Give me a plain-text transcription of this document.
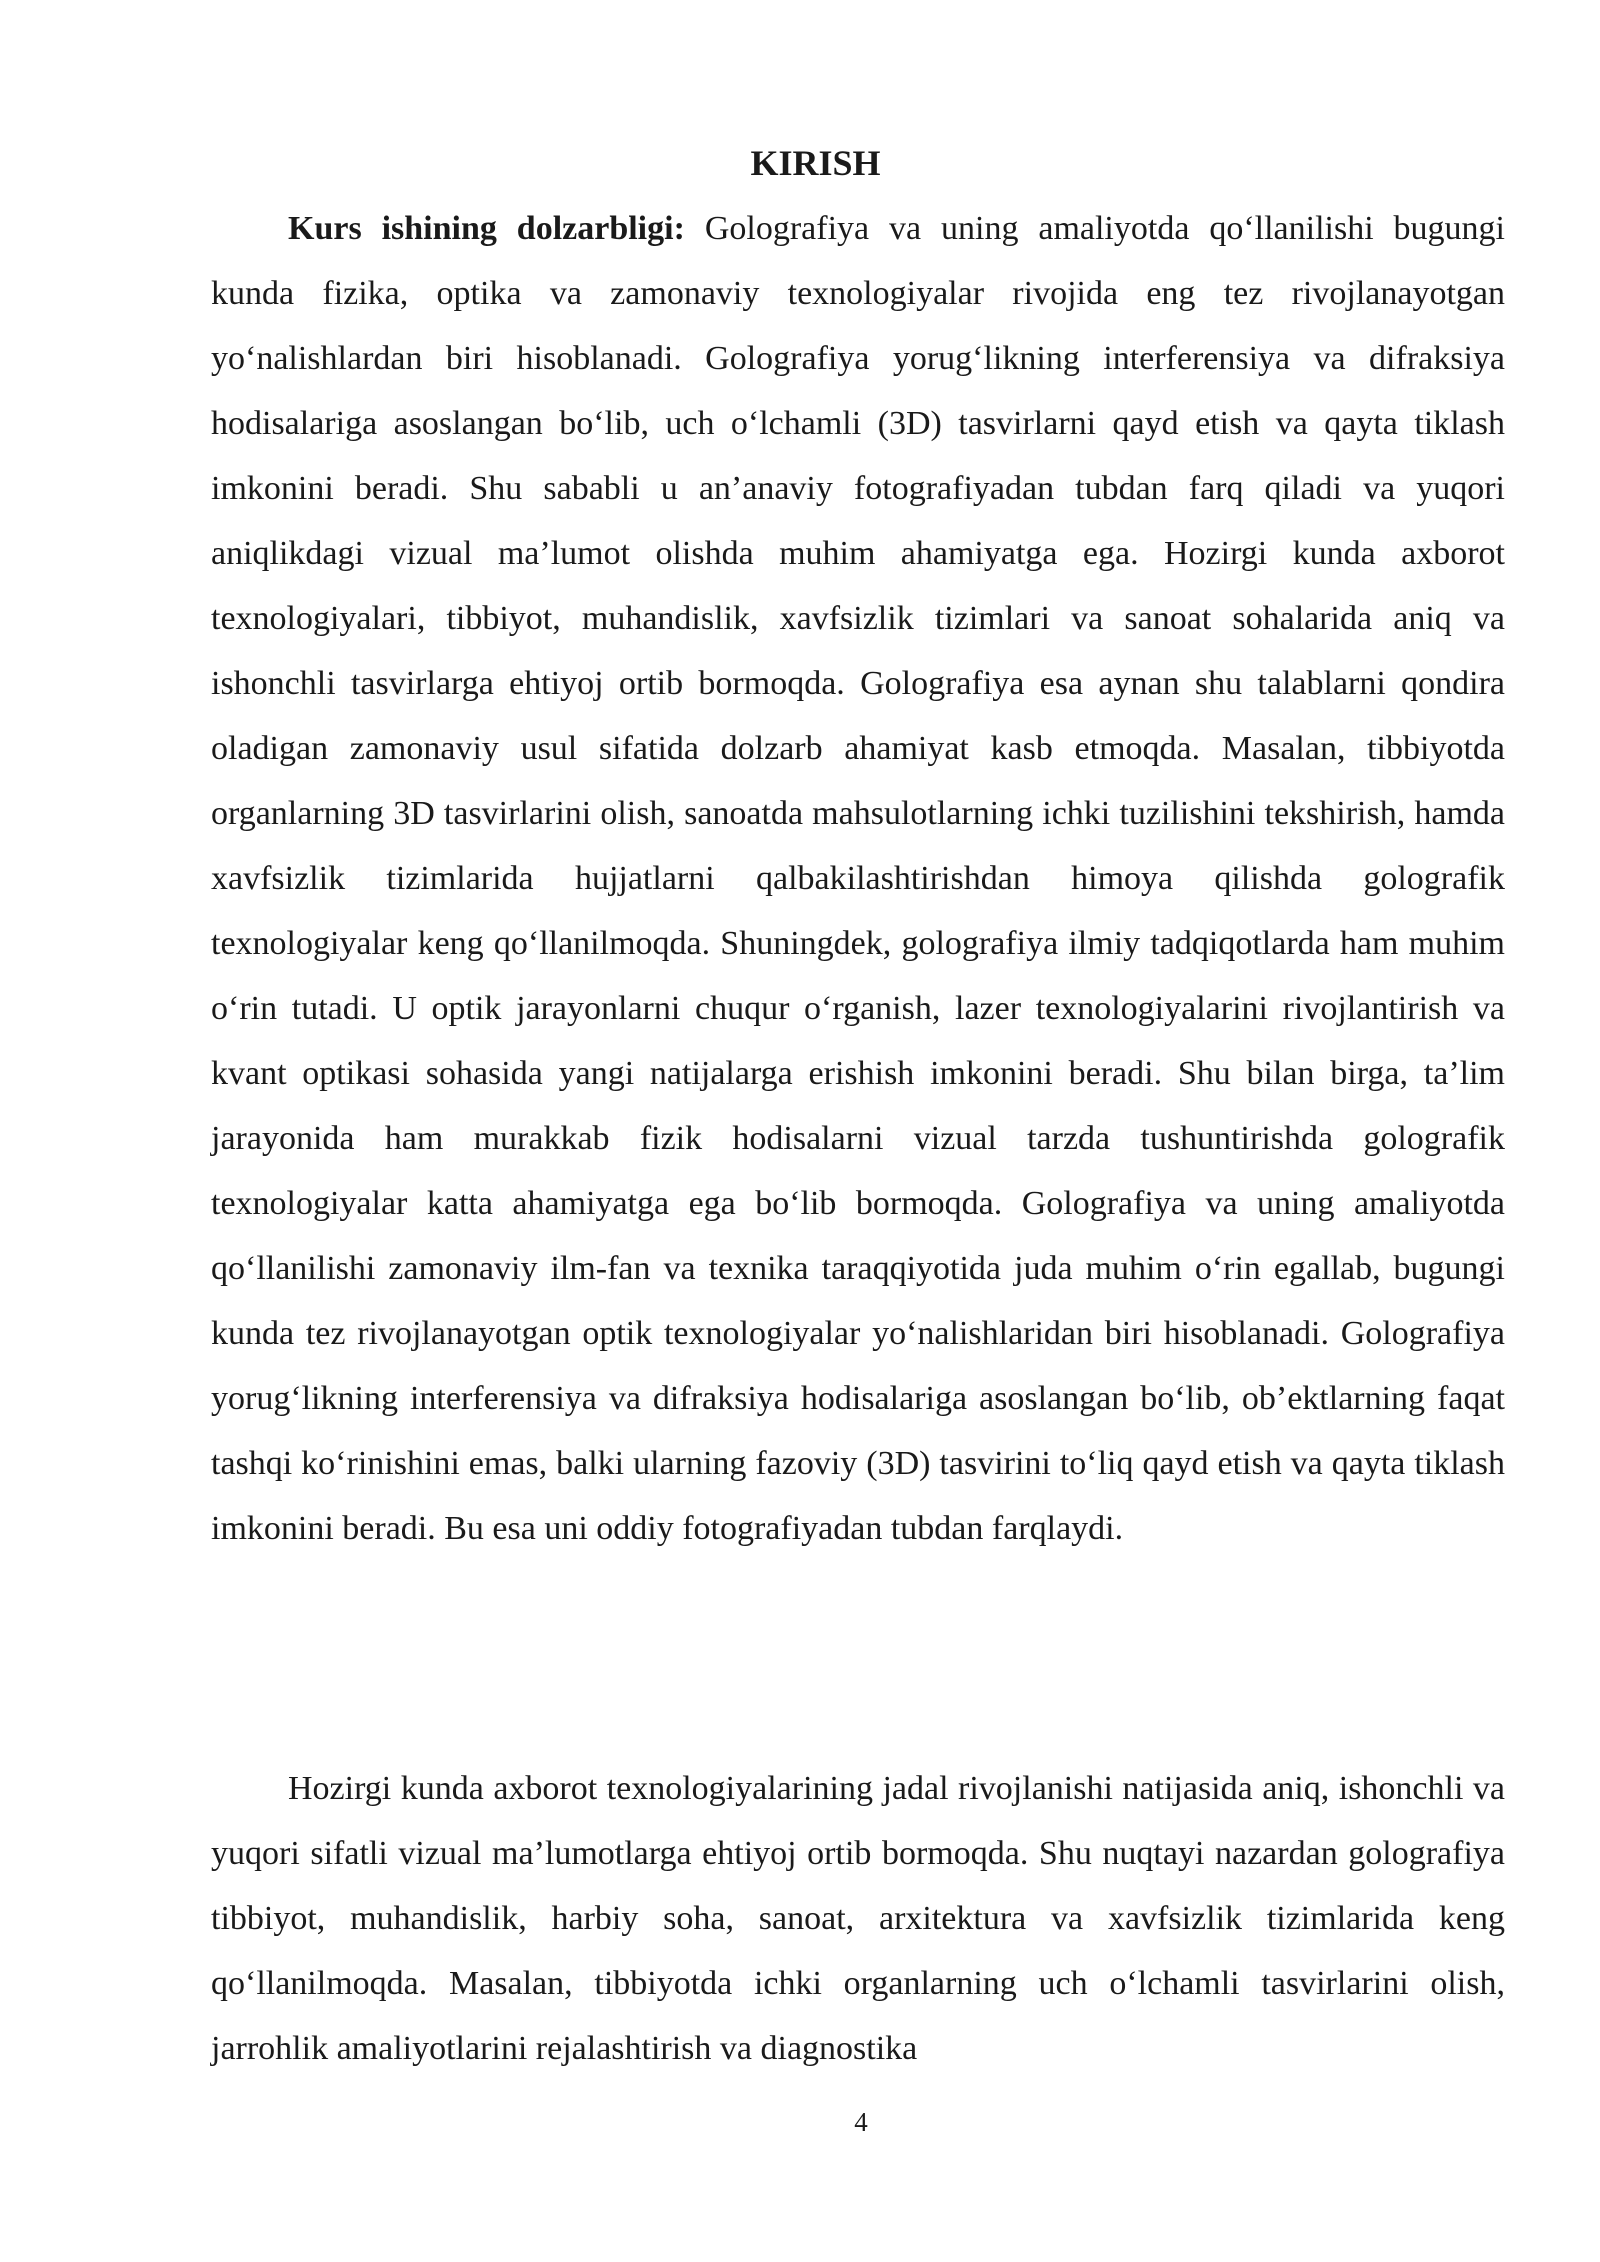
KIRISH

Kurs ishining dolzarbligi: Golografiya va uning amaliyotda qo‘llanilishi bugungi kunda fizika, optika va zamonaviy texnologiyalar rivojida eng tez rivojlanayotgan yo‘nalishlardan biri hisoblanadi. Golografiya yorug‘likning interferensiya va difraksiya hodisalariga asoslangan bo‘lib, uch o‘lchamli (3D) tasvirlarni qayd etish va qayta tiklash imkonini beradi. Shu sababli u an’anaviy fotografiyadan tubdan farq qiladi va yuqori aniqlikdagi vizual ma’lumot olishda muhim ahamiyatga ega. Hozirgi kunda axborot texnologiyalari, tibbiyot, muhandislik, xavfsizlik tizimlari va sanoat sohalarida aniq va ishonchli tasvirlarga ehtiyoj ortib bormoqda. Golografiya esa aynan shu talablarni qondira oladigan zamonaviy usul sifatida dolzarb ahamiyat kasb etmoqda. Masalan, tibbiyotda organlarning 3D tasvirlarini olish, sanoatda mahsulotlarning ichki tuzilishini tekshirish, hamda xavfsizlik tizimlarida hujjatlarni qalbakilashtirishdan himoya qilishda golografik texnologiyalar keng qo‘llanilmoqda. Shuningdek, golografiya ilmiy tadqiqotlarda ham muhim o‘rin tutadi. U optik jarayonlarni chuqur o‘rganish, lazer texnologiyalarini rivojlantirish va kvant optikasi sohasida yangi natijalarga erishish imkonini beradi. Shu bilan birga, ta’lim jarayonida ham murakkab fizik hodisalarni vizual tarzda tushuntirishda golografik texnologiyalar katta ahamiyatga ega bo‘lib bormoqda. Golografiya va uning amaliyotda qo‘llanilishi zamonaviy ilm-fan va texnika taraqqiyotida juda muhim o‘rin egallab, bugungi kunda tez rivojlanayotgan optik texnologiyalar yo‘nalishlaridan biri hisoblanadi. Golografiya yorug‘likning interferensiya va difraksiya hodisalariga asoslangan bo‘lib, ob’ektlarning faqat tashqi ko‘rinishini emas, balki ularning fazoviy (3D) tasvirini to‘liq qayd etish va qayta tiklash imkonini beradi. Bu esa uni oddiy fotografiyadan tubdan farqlaydi.

Hozirgi kunda axborot texnologiyalarining jadal rivojlanishi natijasida aniq, ishonchli va yuqori sifatli vizual ma’lumotlarga ehtiyoj ortib bormoqda. Shu nuqtayi nazardan golografiya tibbiyot, muhandislik, harbiy soha, sanoat, arxitektura va xavfsizlik tizimlarida keng qo‘llanilmoqda. Masalan, tibbiyotda ichki organlarning uch o‘lchamli tasvirlarini olish, jarrohlik amaliyotlarini rejalashtirish va diagnostika

4
